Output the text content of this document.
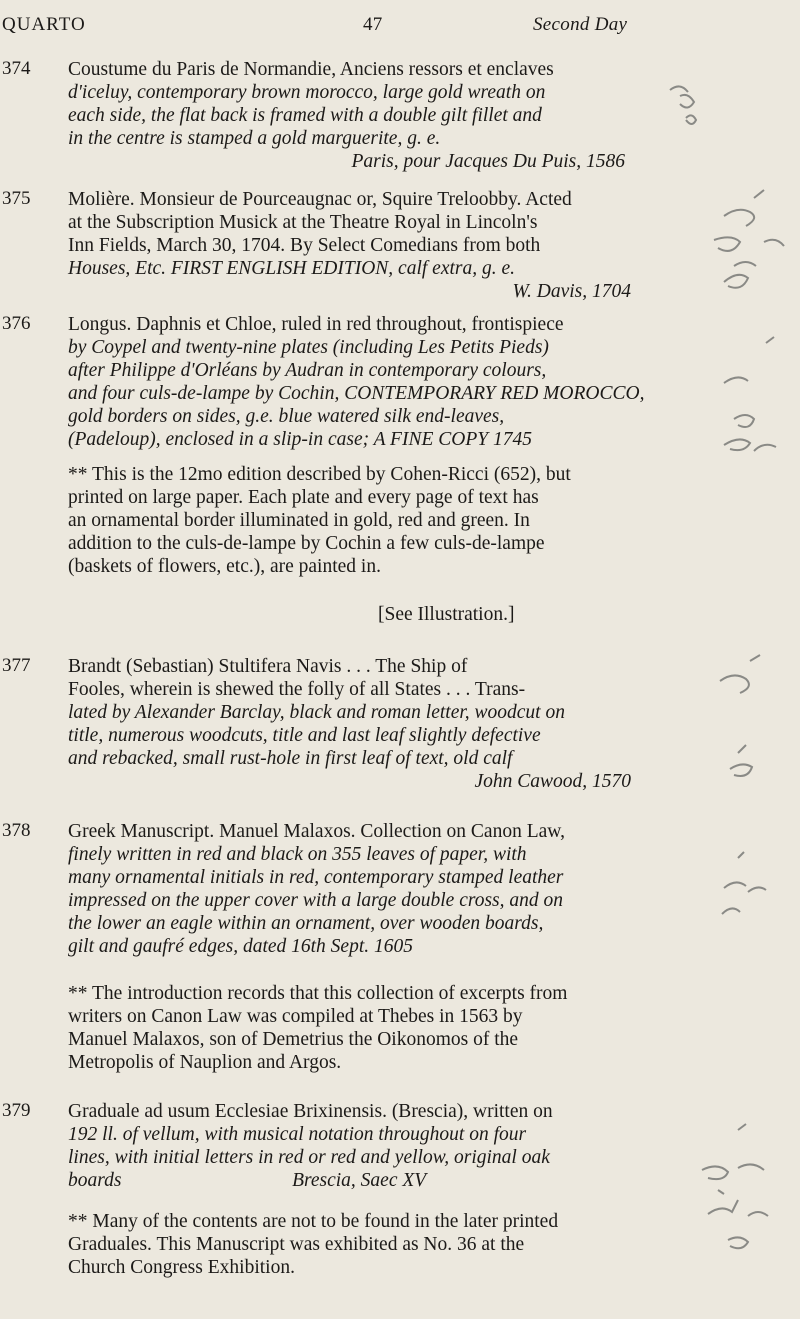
QUARTO	47	Second Day
374 Coustume du Paris de Normandie, Anciens ressors et enclaves
d'iceluy, contemporary brown morocco, large gold wreath on
each side, the flat back is framed with a double gilt fillet and
in the centre is stamped a gold marguerite, g. e.
Paris, pour Jacques Du Puis, 1586
375 Molière. Monsieur de Pourceaugnac or, Squire Treloobby. Acted
at the Subscription Musick at the Theatre Royal in Lincoln's
Inn Fields, March 30, 1704. By Select Comedians from both
Houses, Etc. FIRST ENGLISH EDITION, calf extra, g. e.
W. Davis, 1704
376 Longus. Daphnis et Chloe, ruled in red throughout, frontispiece
by Coypel and twenty-nine plates (including Les Petits Pieds)
after Philippe d'Orléans by Audran in contemporary colours,
and four culs-de-lampe by Cochin, CONTEMPORARY RED MOROCCO,
gold borders on sides, g.e. blue watered silk end-leaves,
(Padeloup), enclosed in a slip-in case; A FINE COPY 1745
** This is the 12mo edition described by Cohen-Ricci (652), but
printed on large paper. Each plate and every page of text has
an ornamental border illuminated in gold, red and green. In
addition to the culs-de-lampe by Cochin a few culs-de-lampe
(baskets of flowers, etc.), are painted in.
[See Illustration.]
377 Brandt (Sebastian) Stultifera Navis . . . The Ship of
Fooles, wherein is shewed the folly of all States . . . Trans-
lated by Alexander Barclay, black and roman letter, woodcut on
title, numerous woodcuts, title and last leaf slightly defective
and rebacked, small rust-hole in first leaf of text, old calf
John Cawood, 1570
378 Greek Manuscript. Manuel Malaxos. Collection on Canon Law,
finely written in red and black on 355 leaves of paper, with
many ornamental initials in red, contemporary stamped leather
impressed on the upper cover with a large double cross, and on
the lower an eagle within an ornament, over wooden boards,
gilt and gaufré edges, dated 16th Sept. 1605
** The introduction records that this collection of excerpts from
writers on Canon Law was compiled at Thebes in 1563 by
Manuel Malaxos, son of Demetrius the Oikonomos of the
Metropolis of Nauplion and Argos.
379 Graduale ad usum Ecclesiae Brixinensis. (Brescia), written on
192 ll. of vellum, with musical notation throughout on four
lines, with initial letters in red or red and yellow, original oak
boards                                   Brescia, Saec XV
** Many of the contents are not to be found in the later printed
Graduales. This Manuscript was exhibited as No. 36 at the
Church Congress Exhibition.
